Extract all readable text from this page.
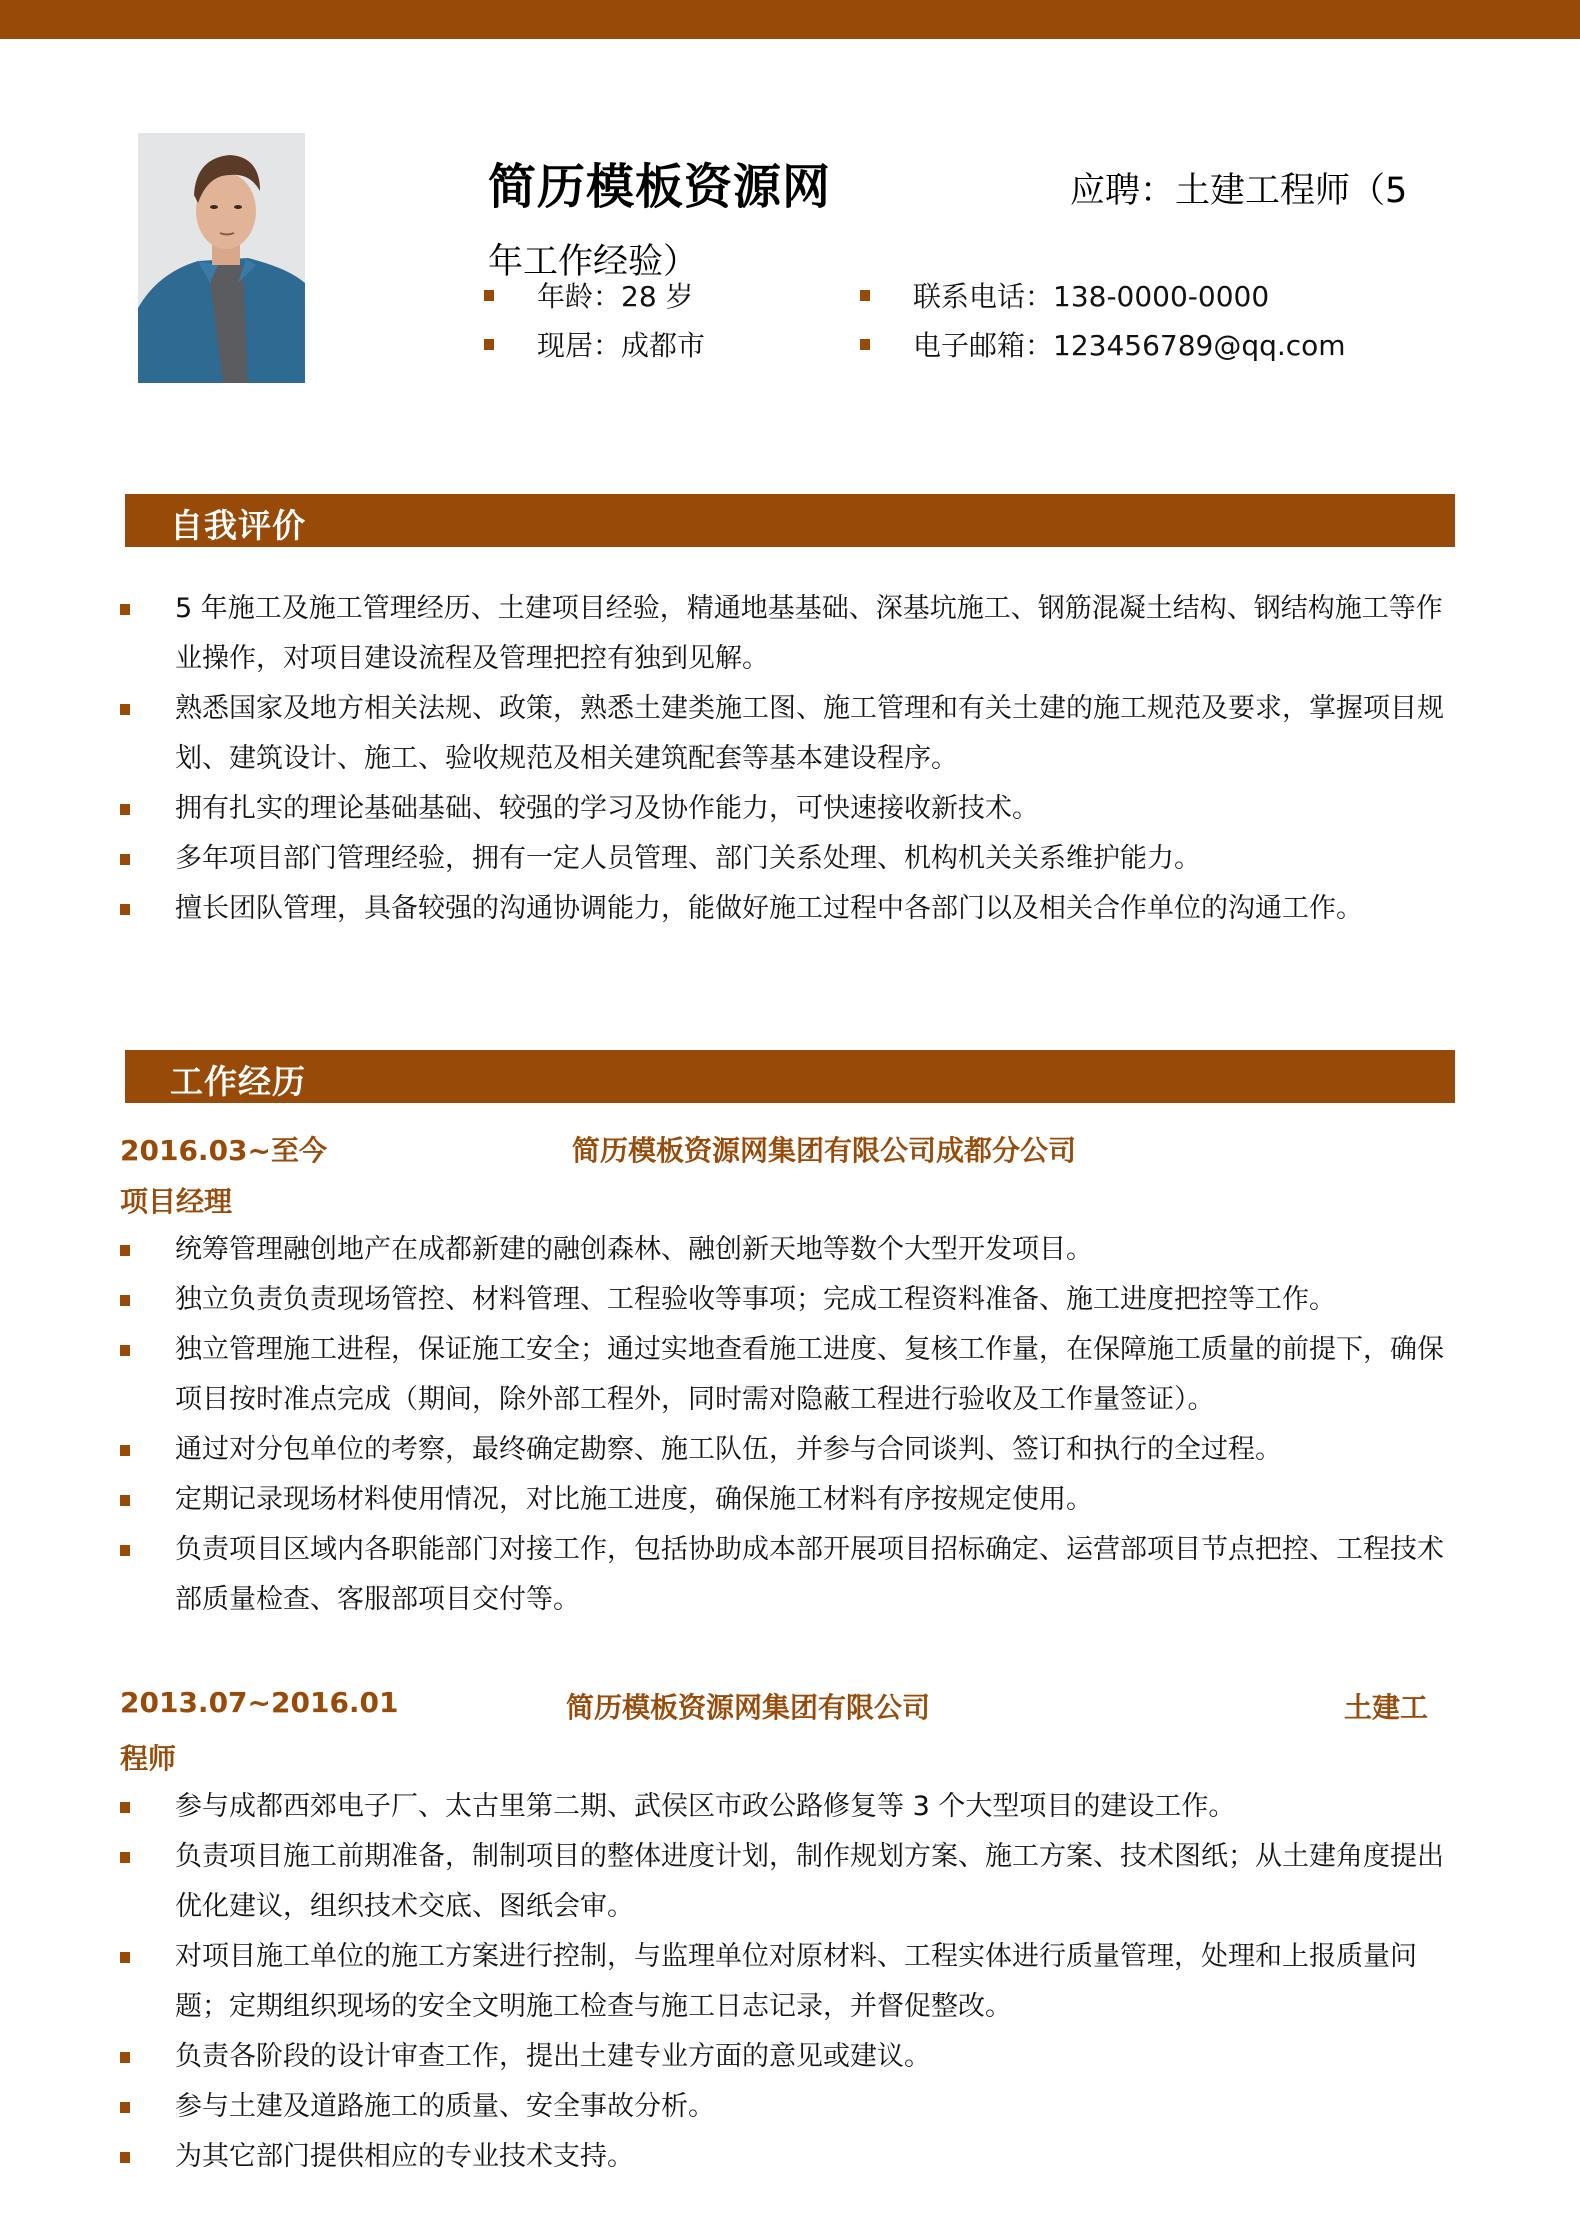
简历模板资源网	应聘：土建工程师（5
年工作经验）
年龄：28 岁
现居：成都市
联系电话：138-0000-0000
电子邮箱：123456789@qq.com
自我评价
5 年施工及施工管理经历、土建项目经验，精通地基基础、深基坑施工、钢筋混凝土结构、钢结构施工等作业操作，对项目建设流程及管理把控有独到见解。
熟悉国家及地方相关法规、政策，熟悉土建类施工图、施工管理和有关土建的施工规范及要求，掌握项目规划、建筑设计、施工、验收规范及相关建筑配套等基本建设程序。
拥有扎实的理论基础基础、较强的学习及协作能力，可快速接收新技术。
多年项目部门管理经验，拥有一定人员管理、部门关系处理、机构机关关系维护能力。
擅长团队管理，具备较强的沟通协调能力，能做好施工过程中各部门以及相关合作单位的沟通工作。
工作经历
2016.03~至今	简历模板资源网集团有限公司成都分公司
项目经理
统筹管理融创地产在成都新建的融创森林、融创新天地等数个大型开发项目。
独立负责负责现场管控、材料管理、工程验收等事项；完成工程资料准备、施工进度把控等工作。
独立管理施工进程，保证施工安全；通过实地查看施工进度、复核工作量，在保障施工质量的前提下，确保项目按时准点完成（期间，除外部工程外，同时需对隐蔽工程进行验收及工作量签证）。
通过对分包单位的考察，最终确定勘察、施工队伍，并参与合同谈判、签订和执行的全过程。
定期记录现场材料使用情况，对比施工进度，确保施工材料有序按规定使用。
负责项目区域内各职能部门对接工作，包括协助成本部开展项目招标确定、运营部项目节点把控、工程技术部质量检查、客服部项目交付等。
2013.07~2016.01	简历模板资源网集团有限公司	土建工
程师
参与成都西郊电子厂、太古里第二期、武侯区市政公路修复等 3 个大型项目的建设工作。
负责项目施工前期准备，制制项目的整体进度计划，制作规划方案、施工方案、技术图纸；从土建角度提出优化建议，组织技术交底、图纸会审。
对项目施工单位的施工方案进行控制，与监理单位对原材料、工程实体进行质量管理，处理和上报质量问题；定期组织现场的安全文明施工检查与施工日志记录，并督促整改。
负责各阶段的设计审查工作，提出土建专业方面的意见或建议。
参与土建及道路施工的质量、安全事故分析。
为其它部门提供相应的专业技术支持。
